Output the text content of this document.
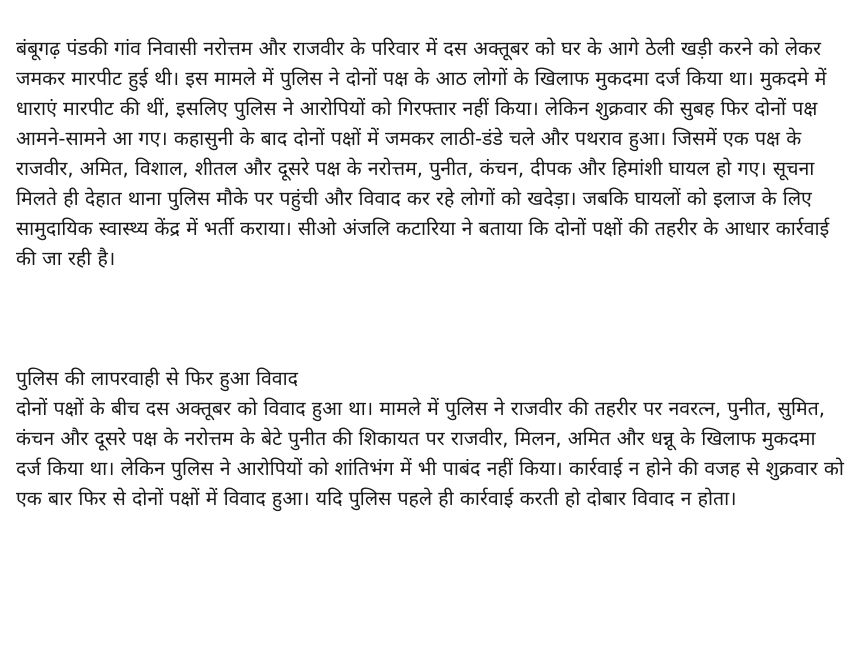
बंबूगढ़ पंडकी गांव निवासी नरोत्तम और राजवीर के परिवार में दस अक्तूबर को घर के आगे ठेली खड़ी करने को लेकर जमकर मारपीट हुई थी। इस मामले में पुलिस ने दोनों पक्ष के आठ लोगों के खिलाफ मुकदमा दर्ज किया था। मुकदमे में धाराएं मारपीट की थीं, इसलिए पुलिस ने आरोपियों को गिरफ्तार नहीं किया। लेकिन शुक्रवार की सुबह फिर दोनों पक्ष आमने-सामने आ गए। कहासुनी के बाद दोनों पक्षों में जमकर लाठी-डंडे चले और पथराव हुआ। जिसमें एक पक्ष के राजवीर, अमित, विशाल, शीतल और दूसरे पक्ष के नरोत्तम, पुनीत, कंचन, दीपक और हिमांशी घायल हो गए। सूचना मिलते ही देहात थाना पुलिस मौके पर पहुंची और विवाद कर रहे लोगों को खदेड़ा। जबकि घायलों को इलाज के लिए सामुदायिक स्वास्थ्य केंद्र में भर्ती कराया। सीओ अंजलि कटारिया ने बताया कि दोनों पक्षों की तहरीर के आधार कार्रवाई की जा रही है।

पुलिस की लापरवाही से फिर हुआ विवाद

दोनों पक्षों के बीच दस अक्तूबर को विवाद हुआ था। मामले में पुलिस ने राजवीर की तहरीर पर नवरत्न, पुनीत, सुमित, कंचन और दूसरे पक्ष के नरोत्तम के बेटे पुनीत की शिकायत पर राजवीर, मिलन, अमित और धन्नू के खिलाफ मुकदमा दर्ज किया था। लेकिन पुलिस ने आरोपियों को शांतिभंग में भी पाबंद नहीं किया। कार्रवाई न होने की वजह से शुक्रवार को एक बार फिर से दोनों पक्षों में विवाद हुआ। यदि पुलिस पहले ही कार्रवाई करती हो दोबार विवाद न होता।
